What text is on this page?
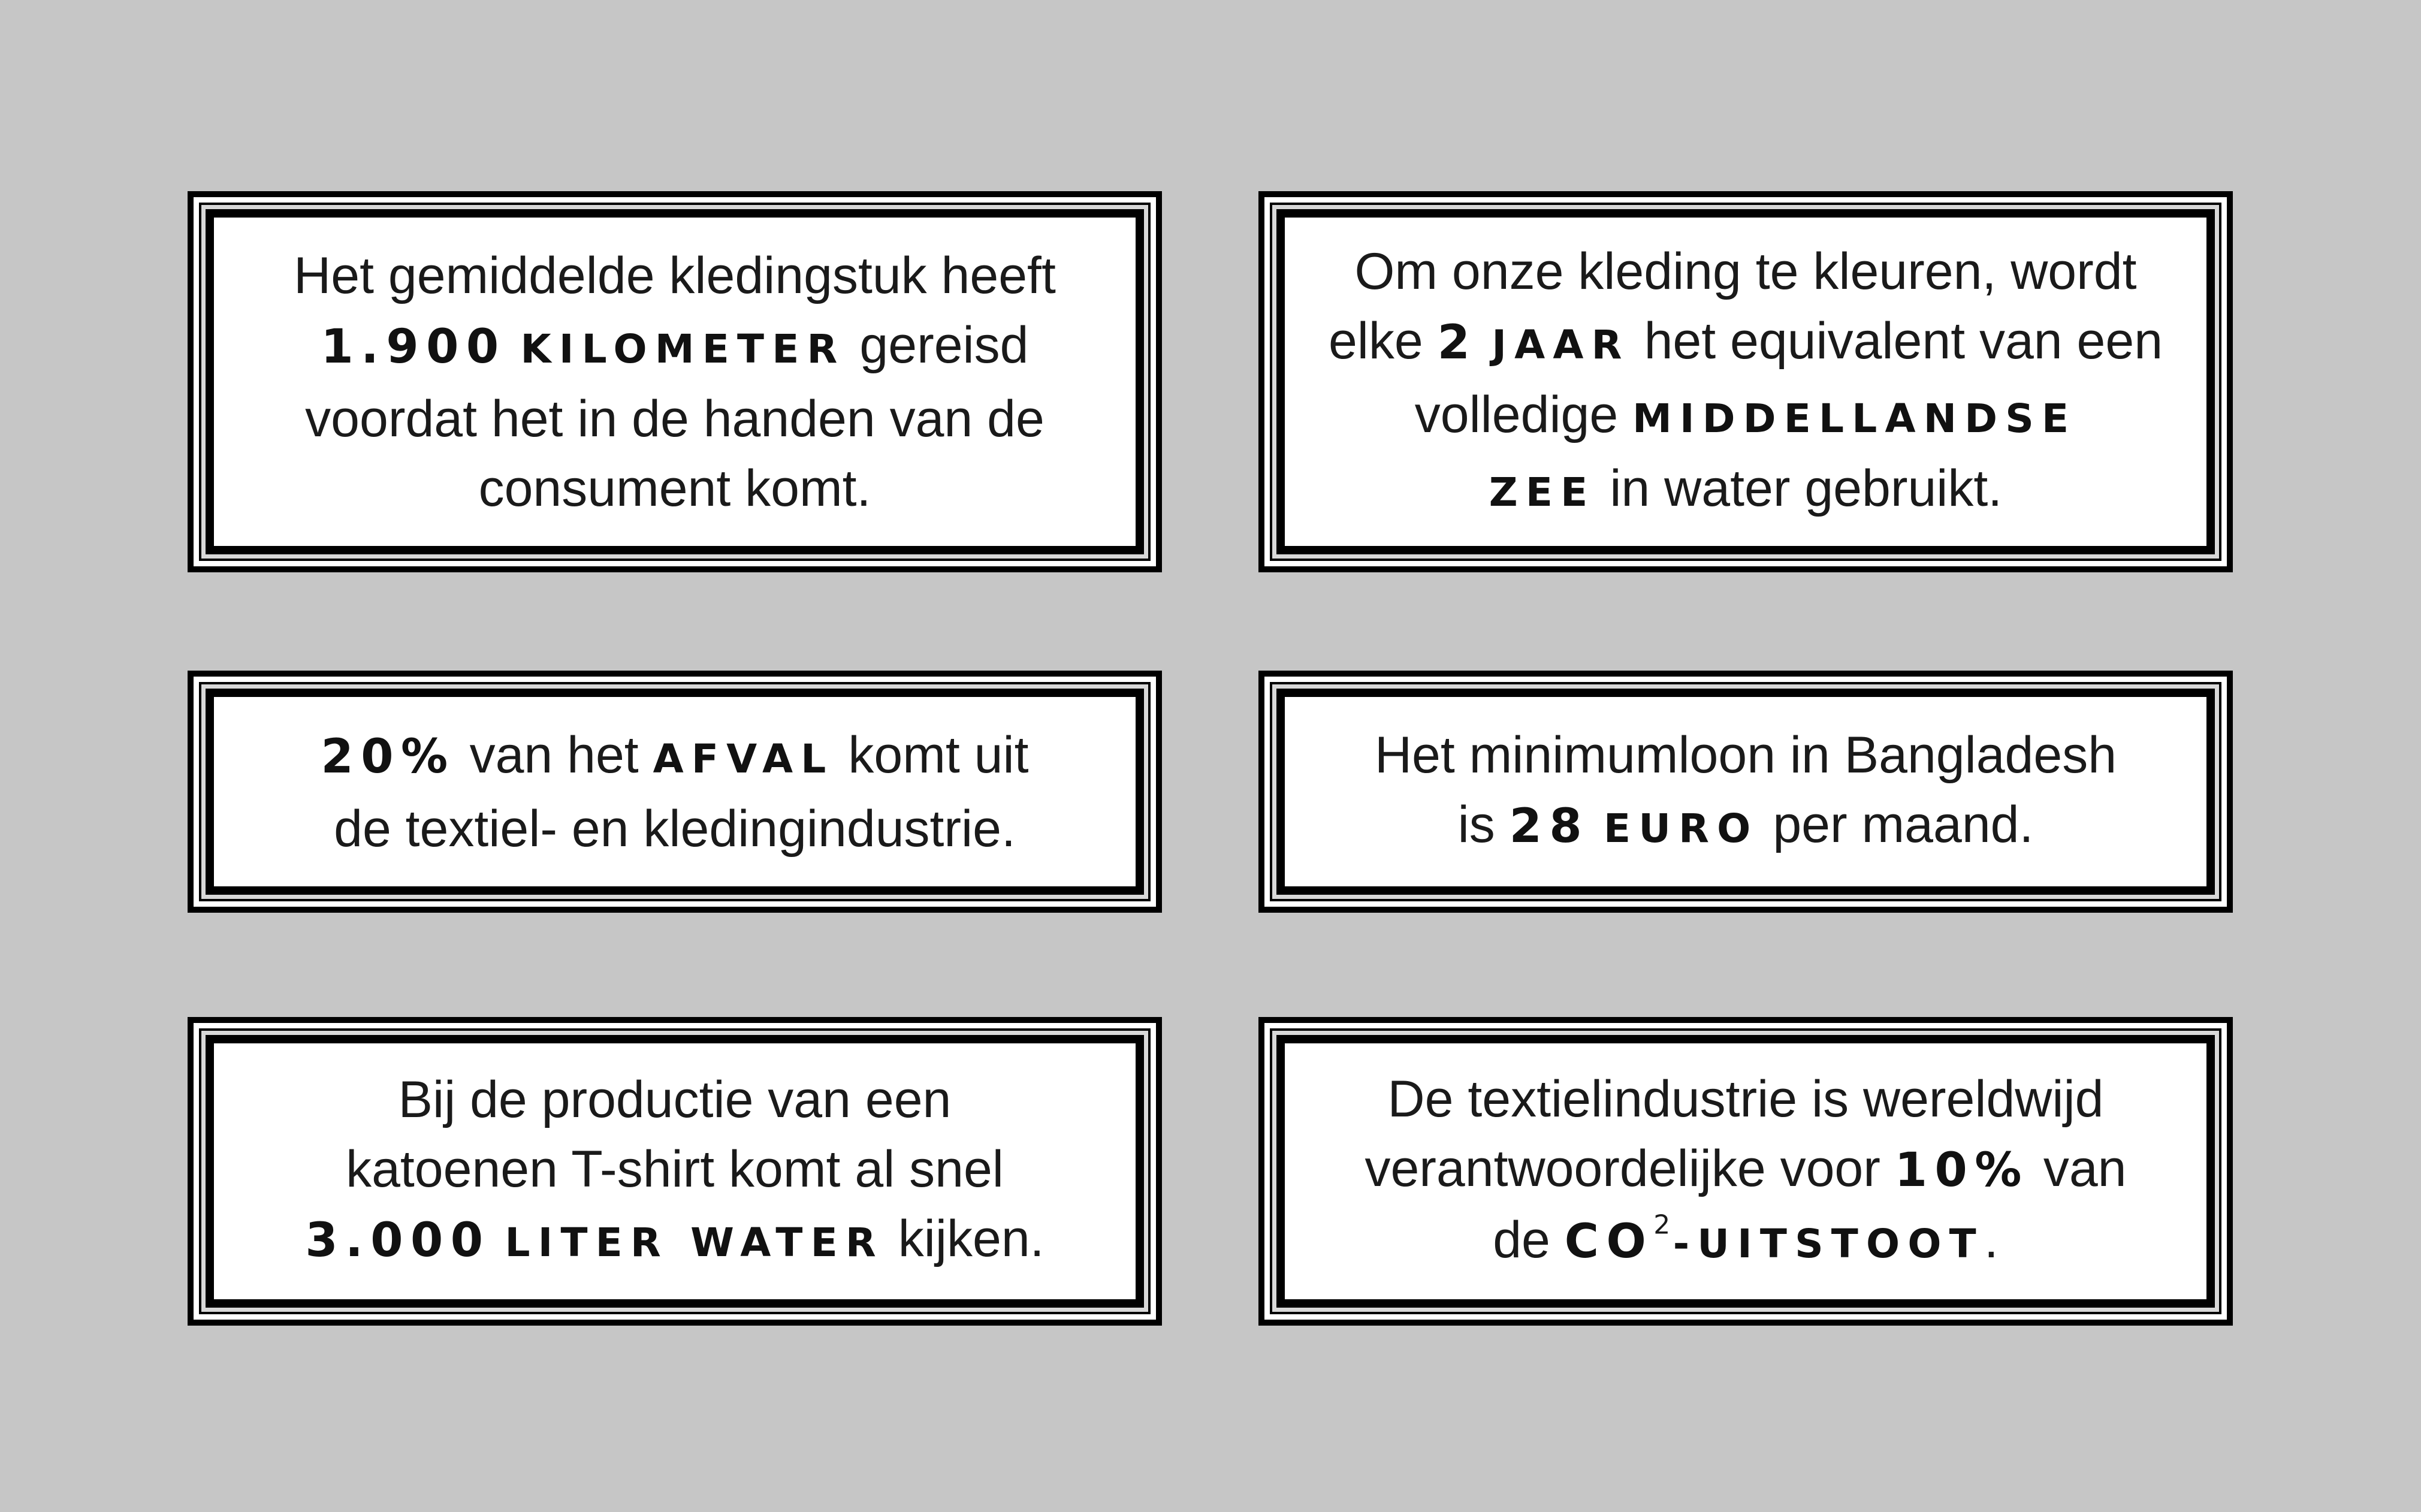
Het gemiddelde kledingstuk heeft
1.900 KILOMETER gereisd
voordat het in de handen van de
consument komt.
Om onze kleding te kleuren, wordt
elke 2 JAAR het equivalent van een
volledige MIDDELLANDSE
ZEE in water gebruikt.
20% van het AFVAL komt uit
de textiel- en kledingindustrie.
Het minimumloon in Bangladesh
is 28 EURO per maand.
Bij de productie van een
katoenen T-shirt komt al snel
3.000 LITER WATER kijken.
De textielindustrie is wereldwijd
verantwoordelijke voor 10% van
de $CO^2$-UITSTOOT.
